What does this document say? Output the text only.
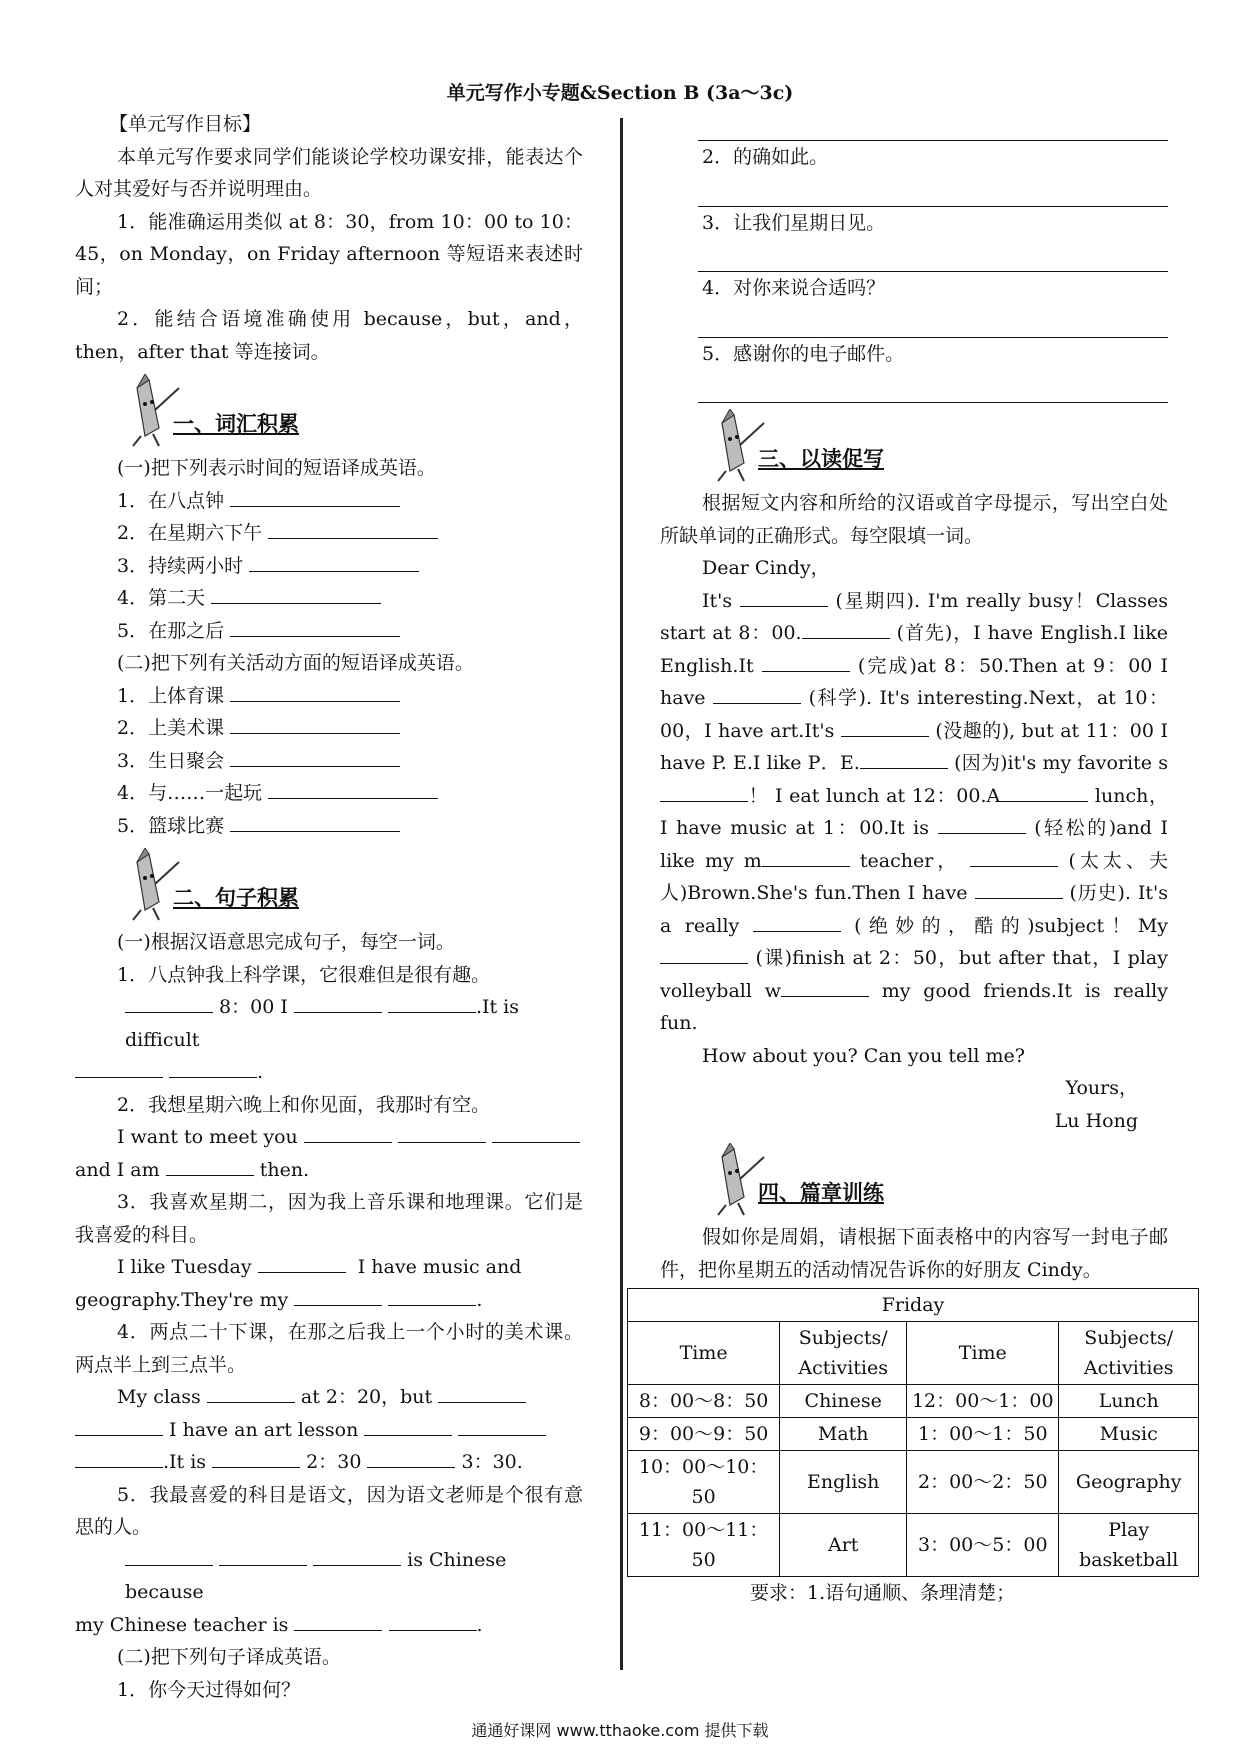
单元写作小专题&Section B (3a～3c)

【单元写作目标】

本单元写作要求同学们能谈论学校功课安排，能表达个人对其爱好与否并说明理由。

1．能准确运用类似 at 8：30，from 10：00 to 10：45，on Monday，on Friday afternoon 等短语来表述时间；

2．能结合语境准确使用 because，but，and，then，after that 等连接词。

一、词汇积累

(一)把下列表示时间的短语译成英语。

1．在八点钟

2．在星期六下午

3．持续两小时

4．第二天

5．在那之后

(二)把下列有关活动方面的短语译成英语。

1．上体育课

2．上美术课

3．生日聚会

4．与……一起玩

5．篮球比赛

二、句子积累

(一)根据汉语意思完成句子，每空一词。

1．八点钟我上科学课，它很难但是很有趣。

8：00 I	.It is difficult

.

2．我想星期六晚上和你见面，我那时有空。

I want to meet you

and I am	then.

3．我喜欢星期二，因为我上音乐课和地理课。它们是我喜爱的科目。

I like Tuesday	I have music and

geography.They're my	.

4．两点二十下课，在那之后我上一个小时的美术课。两点半上到三点半。

My class	at 2：20，but

I have an art lesson

.It is	2：30	3：30.

5．我最喜爱的科目是语文，因为语文老师是个很有意思的人。

is Chinese because

my Chinese teacher is	.

(二)把下列句子译成英语。

1．你今天过得如何？

2．的确如此。

3．让我们星期日见。

4．对你来说合适吗？

5．感谢你的电子邮件。

三、以读促写

根据短文内容和所给的汉语或首字母提示，写出空白处所缺单词的正确形式。每空限填一词。

Dear Cindy，

It's	(星期四). I'm really busy！Classes start at 8：00.	(首先)，I have English.I like English.It	(完成)at 8：50.Then at 9：00 I have	(科学). It's interesting.Next，at 10：00，I have art.It's	(没趣的), but at 11：00 I have P. E.I like P．E.	(因为)it's my favorite s！ I eat lunch at 12：00.A	lunch，I have music at 1：00.It is	(轻松的)and I like my m	teacher，	(太太、夫人)Brown.She's fun.Then I have	(历史). It's a really	(绝妙的，酷的)subject！My  (课)finish at 2：50，but after that，I play volleyball w	my good friends.It is really fun.

How about you? Can you tell me?

Yours，

Lu Hong

四、篇章训练

假如你是周娟，请根据下面表格中的内容写一封电子邮件，把你星期五的活动情况告诉你的好朋友 Cindy。

Friday			
Time	Subjects/ Activities	Time	Subjects/ Activities
8：00～8：50	Chinese	12：00～1：00	Lunch
9：00～9：50	Math	1：00～1：50	Music
10：00～10：50	English	2：00～2：50	Geography
11：00～11：50	Art	3：00～5：00	Play basketball

要求：1.语句通顺、条理清楚；

通通好课网 www.tthaoke.com 提供下载
